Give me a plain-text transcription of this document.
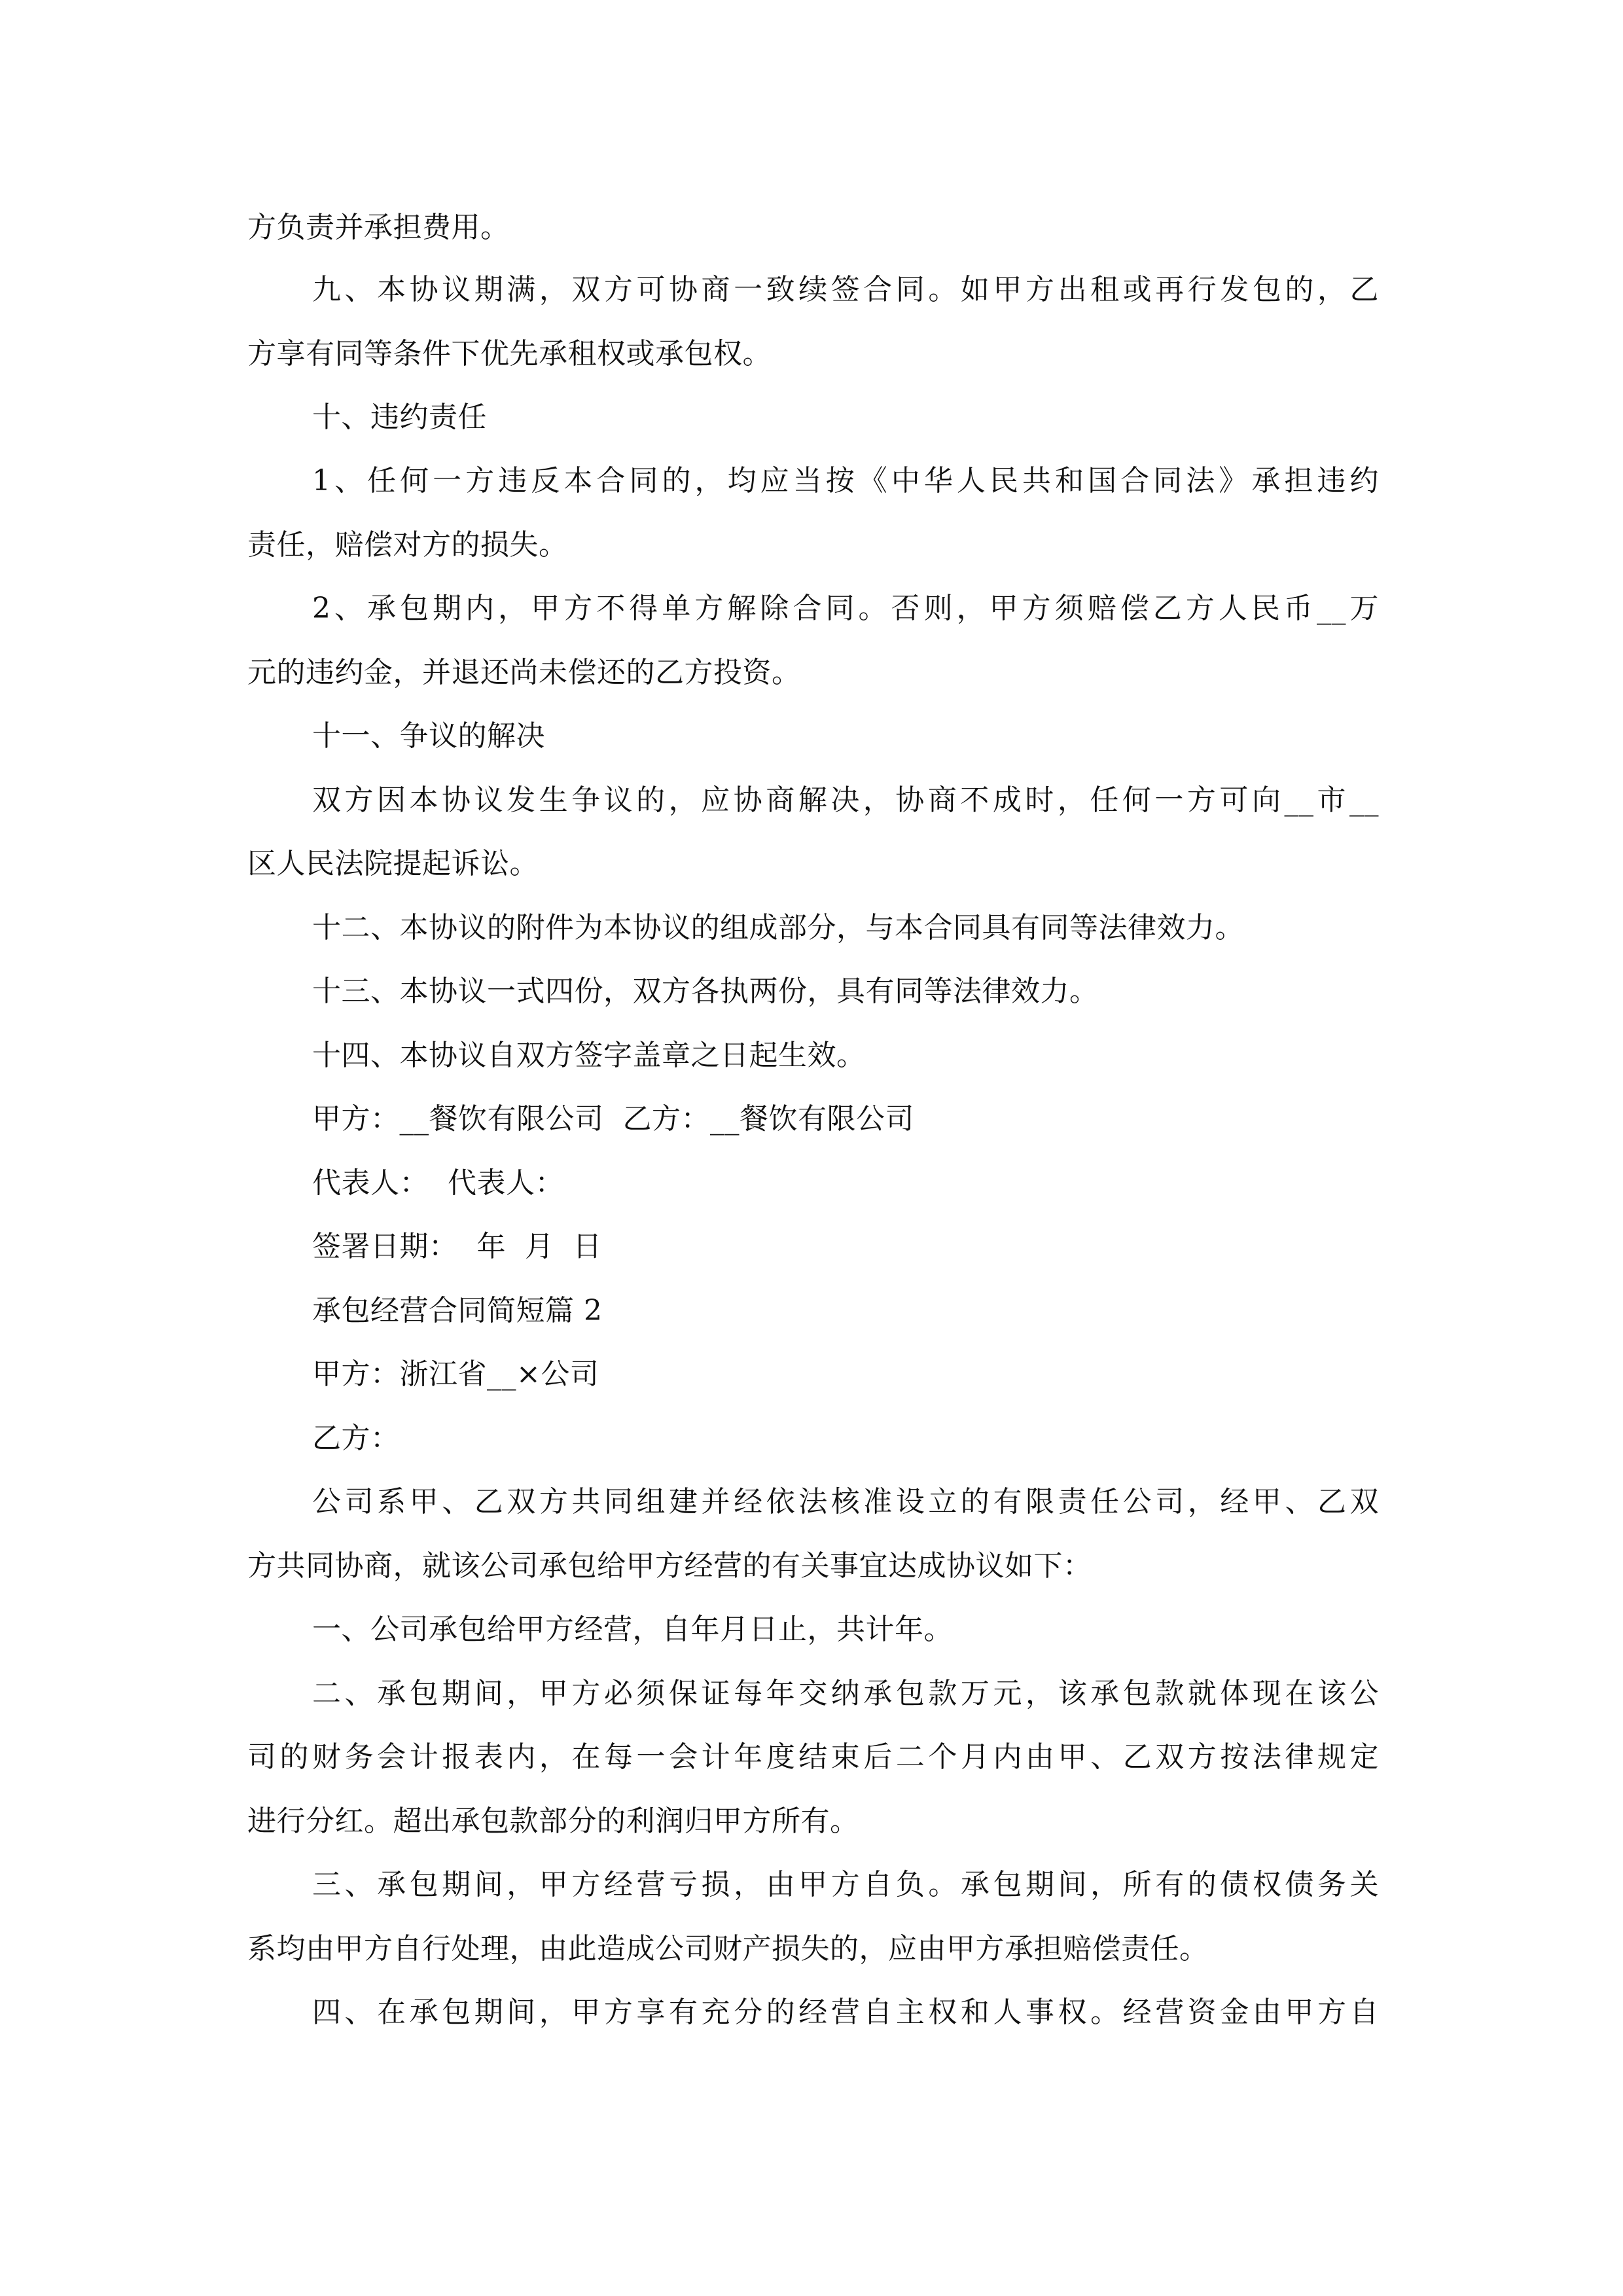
方负责并承担费用。

九、本协议期满，双方可协商一致续签合同。如甲方出租或再行发包的，乙

方享有同等条件下优先承租权或承包权。

十、违约责任

1、任何一方违反本合同的，均应当按《中华人民共和国合同法》承担违约

责任，赔偿对方的损失。

2、承包期内，甲方不得单方解除合同。否则，甲方须赔偿乙方人民币__万

元的违约金，并退还尚未偿还的乙方投资。

十一、争议的解决

双方因本协议发生争议的，应协商解决，协商不成时，任何一方可向__市__

区人民法院提起诉讼。

十二、本协议的附件为本协议的组成部分，与本合同具有同等法律效力。

十三、本协议一式四份，双方各执两份，具有同等法律效力。

十四、本协议自双方签字盖章之日起生效。

甲方：__餐饮有限公司  乙方：__餐饮有限公司

代表人：  代表人：

签署日期：  年  月  日

承包经营合同简短篇 2

甲方：浙江省__×公司

乙方：

公司系甲、乙双方共同组建并经依法核准设立的有限责任公司，经甲、乙双

方共同协商，就该公司承包给甲方经营的有关事宜达成协议如下：

一、公司承包给甲方经营，自年月日止，共计年。

二、承包期间，甲方必须保证每年交纳承包款万元，该承包款就体现在该公

司的财务会计报表内，在每一会计年度结束后二个月内由甲、乙双方按法律规定

进行分红。超出承包款部分的利润归甲方所有。

三、承包期间，甲方经营亏损，由甲方自负。承包期间，所有的债权债务关

系均由甲方自行处理，由此造成公司财产损失的，应由甲方承担赔偿责任。

四、在承包期间，甲方享有充分的经营自主权和人事权。经营资金由甲方自
